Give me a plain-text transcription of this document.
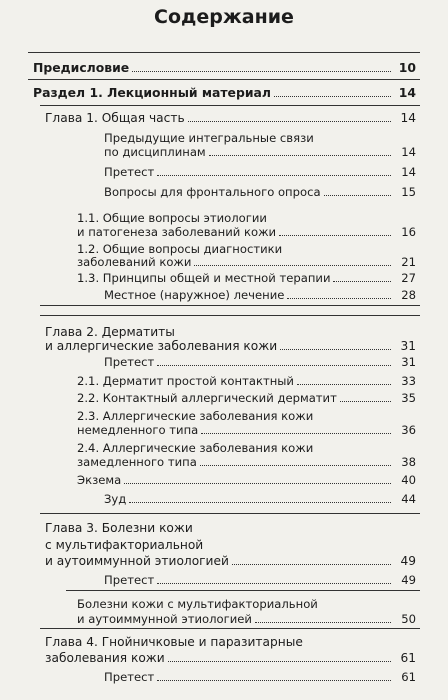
Содержание
Предисловие	10
Раздел 1. Лекционный материал	14
Глава 1. Общая часть	14
Предыдущие интегральные связи
по дисциплинам	14
Претест	14
Вопросы для фронтального опроса	15
1.1. Общие вопросы этиологии
и патогенеза заболеваний кожи	16
1.2. Общие вопросы диагностики
заболеваний кожи	21
1.3. Принципы общей и местной терапии	27
Местное (наружное) лечение	28
Глава 2. Дерматиты
и аллергические заболевания кожи	31
Претест	31
2.1. Дерматит простой контактный	33
2.2. Контактный аллергический дерматит	35
2.3. Аллергические заболевания кожи
немедленного типа	36
2.4. Аллергические заболевания кожи
замедленного типа	38
Экзема	40
Зуд	44
Глава 3. Болезни кожи
с мультифакториальной
и аутоиммунной этиологией	49
Претест	49
Болезни кожи с мультифакториальной
и аутоиммунной этиологией	50
Глава 4. Гнойничковые и паразитарные
заболевания кожи	61
Претест	61
